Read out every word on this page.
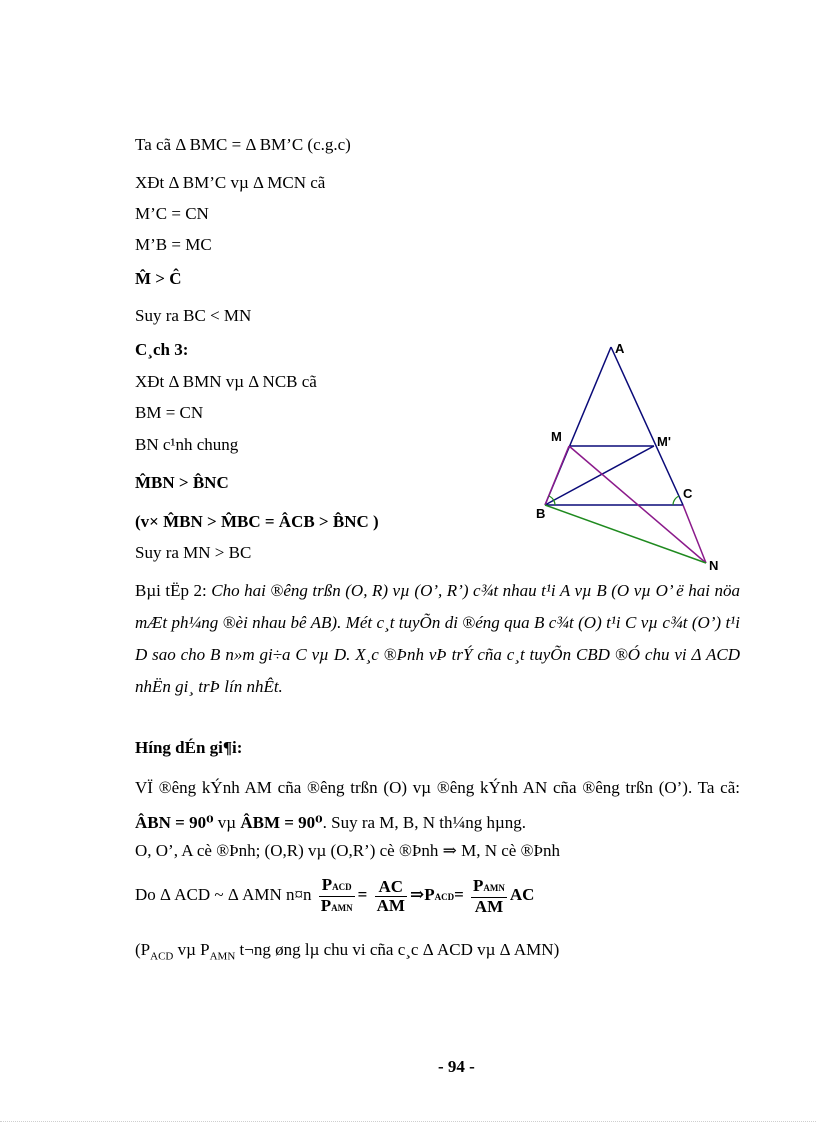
Ta cã Δ BMC = Δ BM’C (c.g.c)
XÐt Δ BM’C vµ Δ MCN cã
M’C = CN
M’B = MC
M̂ > Ĉ
Suy ra BC < MN
C¸ch 3:
XÐt Δ BMN vµ Δ NCB cã
BM = CN
BN c¹nh chung
M̂BN > B̂NC
(v× M̂BN > M̂BC = ÂCB > B̂NC )
Suy ra MN > BC
Bµi tËp 2: Cho hai ®êng trßn (O, R) vµ (O’, R’) c¾t nhau t¹i A vµ B (O vµ O’ ë hai nöa mÆt ph¼ng ®èi nhau bê AB). Mét c¸t tuyÕn di ®éng qua B c¾t (O) t¹i C vµ c¾t (O’) t¹i D sao cho B n»m gi÷a C vµ D. X¸c ®Þnh vÞ trÝ cña c¸t tuyÕn CBD ®Ó chu vi Δ ACD nhËn gi¸ trÞ lín nhÊt.
Híng dÉn gi¶i:
VÏ ®êng kÝnh AM cña ®êng trßn (O) vµ ®êng kÝnh AN cña ®êng trßn (O’). Ta cã: ÂBN = 90⁰ vµ ÂBM = 90⁰. Suy ra M, B, N th¼ng hµng.
O, O’, A cè ®Þnh; (O,R) vµ (O,R’) cè ®Þnh ⇒ M, N cè ®Þnh
Do Δ ACD ~ Δ AMN n¤n $\frac{\text{PACD}}{\text{PAMN}} = \frac{AC}{AM}$ ⇒PACD= $\frac{\text{PAMN}}{AM}$ AC
($P_{ACD}$ vµ $P_{AMN}$ t¬ng øng lµ chu vi cña c¸c Δ ACD vµ Δ AMN)
A
M	M'
C
B
N
- 94 -
